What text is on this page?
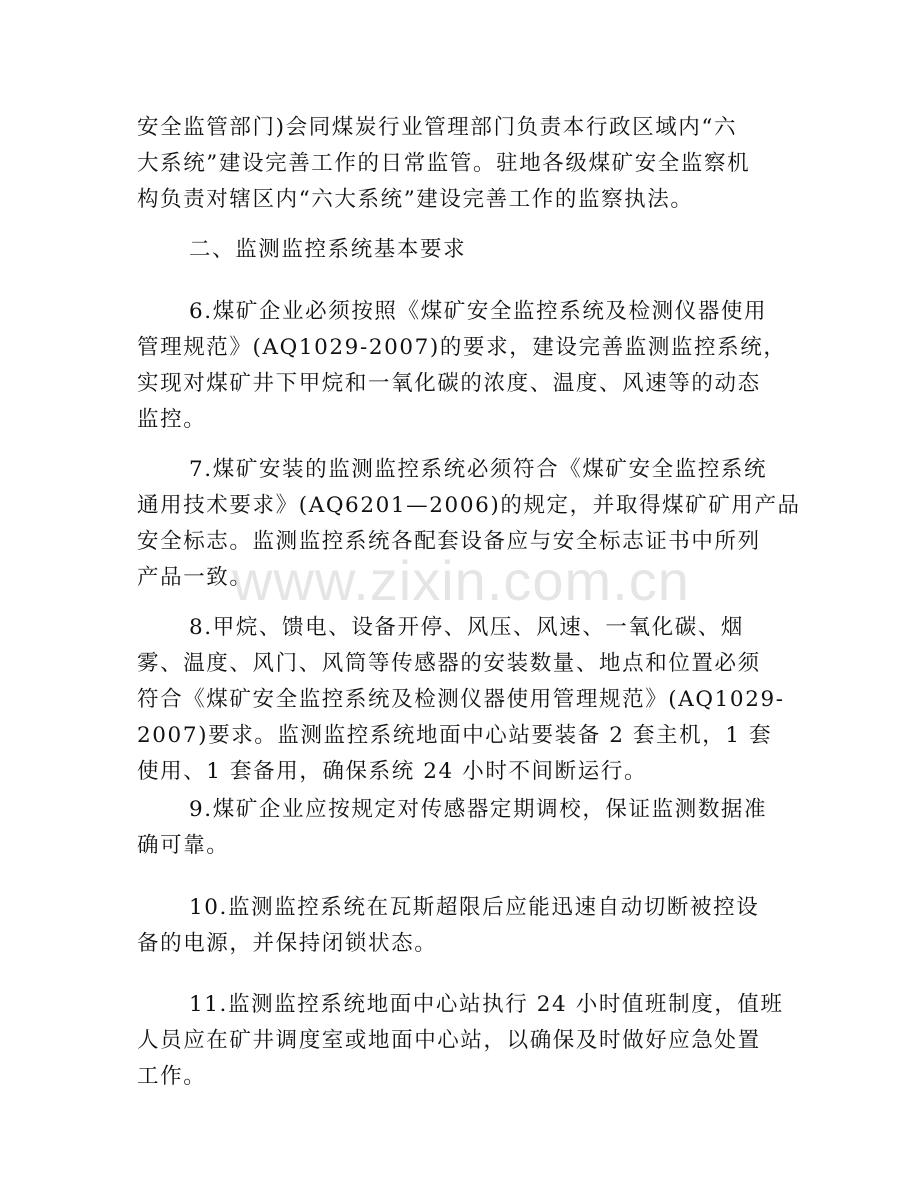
安全监管部门)会同煤炭行业管理部门负责本行政区域内“六
大系统”建设完善工作的日常监管。驻地各级煤矿安全监察机
构负责对辖区内“六大系统”建设完善工作的监察执法。

二、监测监控系统基本要求

6.煤矿企业必须按照《煤矿安全监控系统及检测仪器使用
管理规范》(AQ1029-2007)的要求，建设完善监测监控系统，
实现对煤矿井下甲烷和一氧化碳的浓度、温度、风速等的动态
监控。

7.煤矿安装的监测监控系统必须符合《煤矿安全监控系统
通用技术要求》(AQ6201—2006)的规定，并取得煤矿矿用产品
安全标志。监测监控系统各配套设备应与安全标志证书中所列
产品一致。

8.甲烷、馈电、设备开停、风压、风速、一氧化碳、烟
雾、温度、风门、风筒等传感器的安装数量、地点和位置必须
符合《煤矿安全监控系统及检测仪器使用管理规范》(AQ1029-
2007)要求。监测监控系统地面中心站要装备 2 套主机，1 套
使用、1 套备用，确保系统 24 小时不间断运行。

9.煤矿企业应按规定对传感器定期调校，保证监测数据准
确可靠。

10.监测监控系统在瓦斯超限后应能迅速自动切断被控设
备的电源，并保持闭锁状态。

11.监测监控系统地面中心站执行 24 小时值班制度，值班
人员应在矿井调度室或地面中心站，以确保及时做好应急处置
工作。

www.zixin.com.cn
